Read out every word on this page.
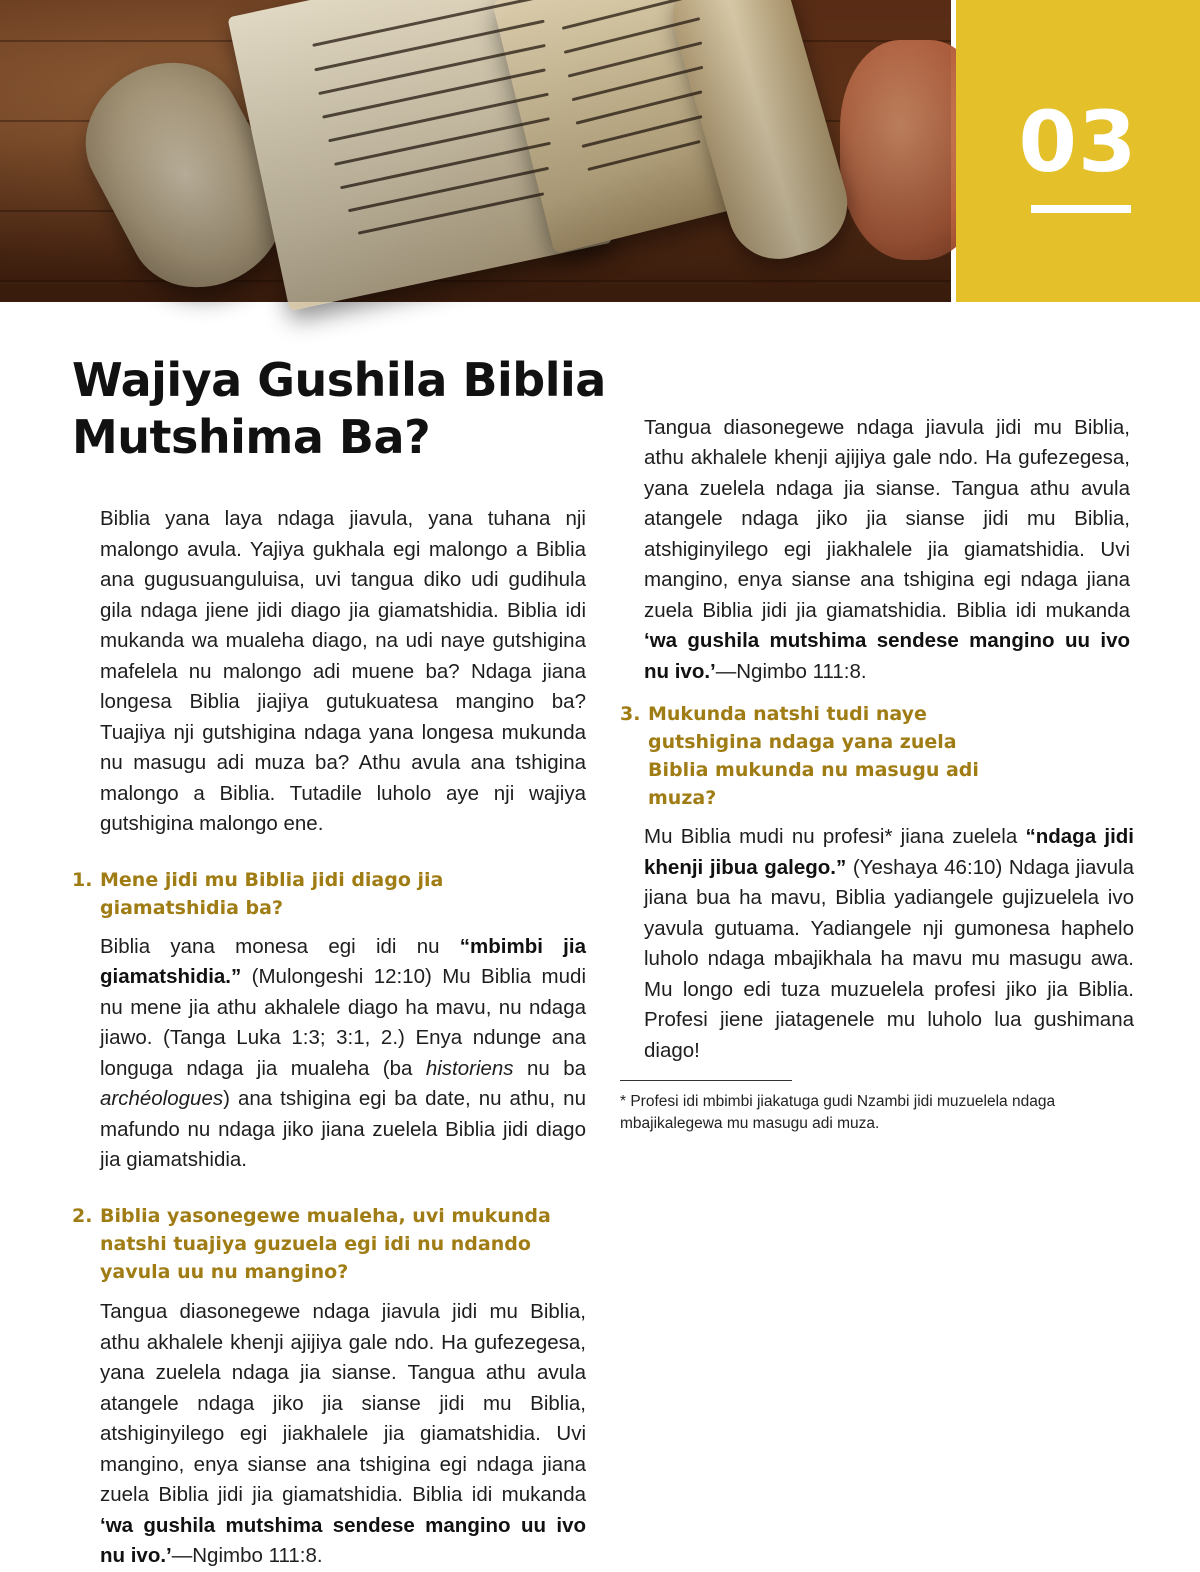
03
Wajiya Gushila Biblia
Mutshima Ba?

Biblia yana laya ndaga jiavula, yana tuhana nji malongo avula. Yajiya gukhala egi malongo a Biblia ana gugusuanguluisa, uvi tangua diko udi gudihula gila ndaga jiene jidi diago jia giamatshidia. Biblia idi mukanda wa mualeha diago, na udi naye gutshigina mafelela nu malongo adi muene ba? Ndaga jiana longesa Biblia jiajiya gutukuatesa mangino ba? Tuajiya nji gutshigina ndaga yana longesa mukunda nu masugu adi muza ba? Athu avula ana tshigina malongo a Biblia. Tutadile luholo aye nji wajiya gutshigina malongo ene.

1. Mene jidi mu Biblia jidi diago jia giamatshidia ba?

Biblia yana monesa egi idi nu “mbimbi jia giamatshidia.” (Mulongeshi 12:10) Mu Biblia mudi nu mene jia athu akhalele diago ha mavu, nu ndaga jiawo. (Tanga Luka 1:3; 3:1, 2.) Enya ndunge ana longuga ndaga jia mualeha (ba historiens nu ba archéologues) ana tshigina egi ba date, nu athu, nu mafundo nu ndaga jiko jiana zuelela Biblia jidi diago jia giamatshidia.

2. Biblia yasonegewe mualeha, uvi mukunda natshi tuajiya guzuela egi idi nu ndando yavula uu nu mangino?

Tangua diasonegewe ndaga jiavula jidi mu Biblia, athu akhalele khenji ajijiya gale ndo. Ha gufezegesa, yana zuelela ndaga jia sianse. Tangua athu avula atangele ndaga jiko jia sianse jidi mu Biblia, atshiginyilego egi jiakhalele jia giamatshidia. Uvi mangino, enya sianse ana tshigina egi ndaga jiana zuela Biblia jidi jia giamatshidia. Biblia idi mukanda ‘wa gushila mutshima sendese mangino uu ivo nu ivo.’—Ngimbo 111:8.

Tangua diasonegewe ndaga jiavula jidi mu Biblia, athu akhalele khenji ajijiya gale ndo. Ha gufezegesa, yana zuelela ndaga jia sianse. Tangua athu avula atangele ndaga jiko jia sianse jidi mu Biblia, atshiginyilego egi jiakhalele jia giamatshidia. Uvi mangino, enya sianse ana tshigina egi ndaga jiana zuela Biblia jidi jia giamatshidia. Biblia idi mukanda ‘wa gushila mutshima sendese mangino uu ivo nu ivo.’—Ngimbo 111:8.

3. Mukunda natshi tudi naye gutshigina ndaga yana zuela Biblia mukunda nu masugu adi muza?

Mu Biblia mudi nu profesi* jiana zuelela “ndaga jidi khenji jibua galego.” (Yeshaya 46:10) Ndaga jiavula jiana bua ha mavu, Biblia yadiangele gujizuelela ivo yavula gutuama. Yadiangele nji gumonesa haphelo luholo ndaga mbajikhala ha mavu mu masugu awa. Mu longo edi tuza muzuelela profesi jiko jia Biblia. Profesi jiene jiatagenele mu luholo lua gushimana diago!

* Profesi idi mbimbi jiakatuga gudi Nzambi jidi muzuelela ndaga mbajikalegewa mu masugu adi muza.
